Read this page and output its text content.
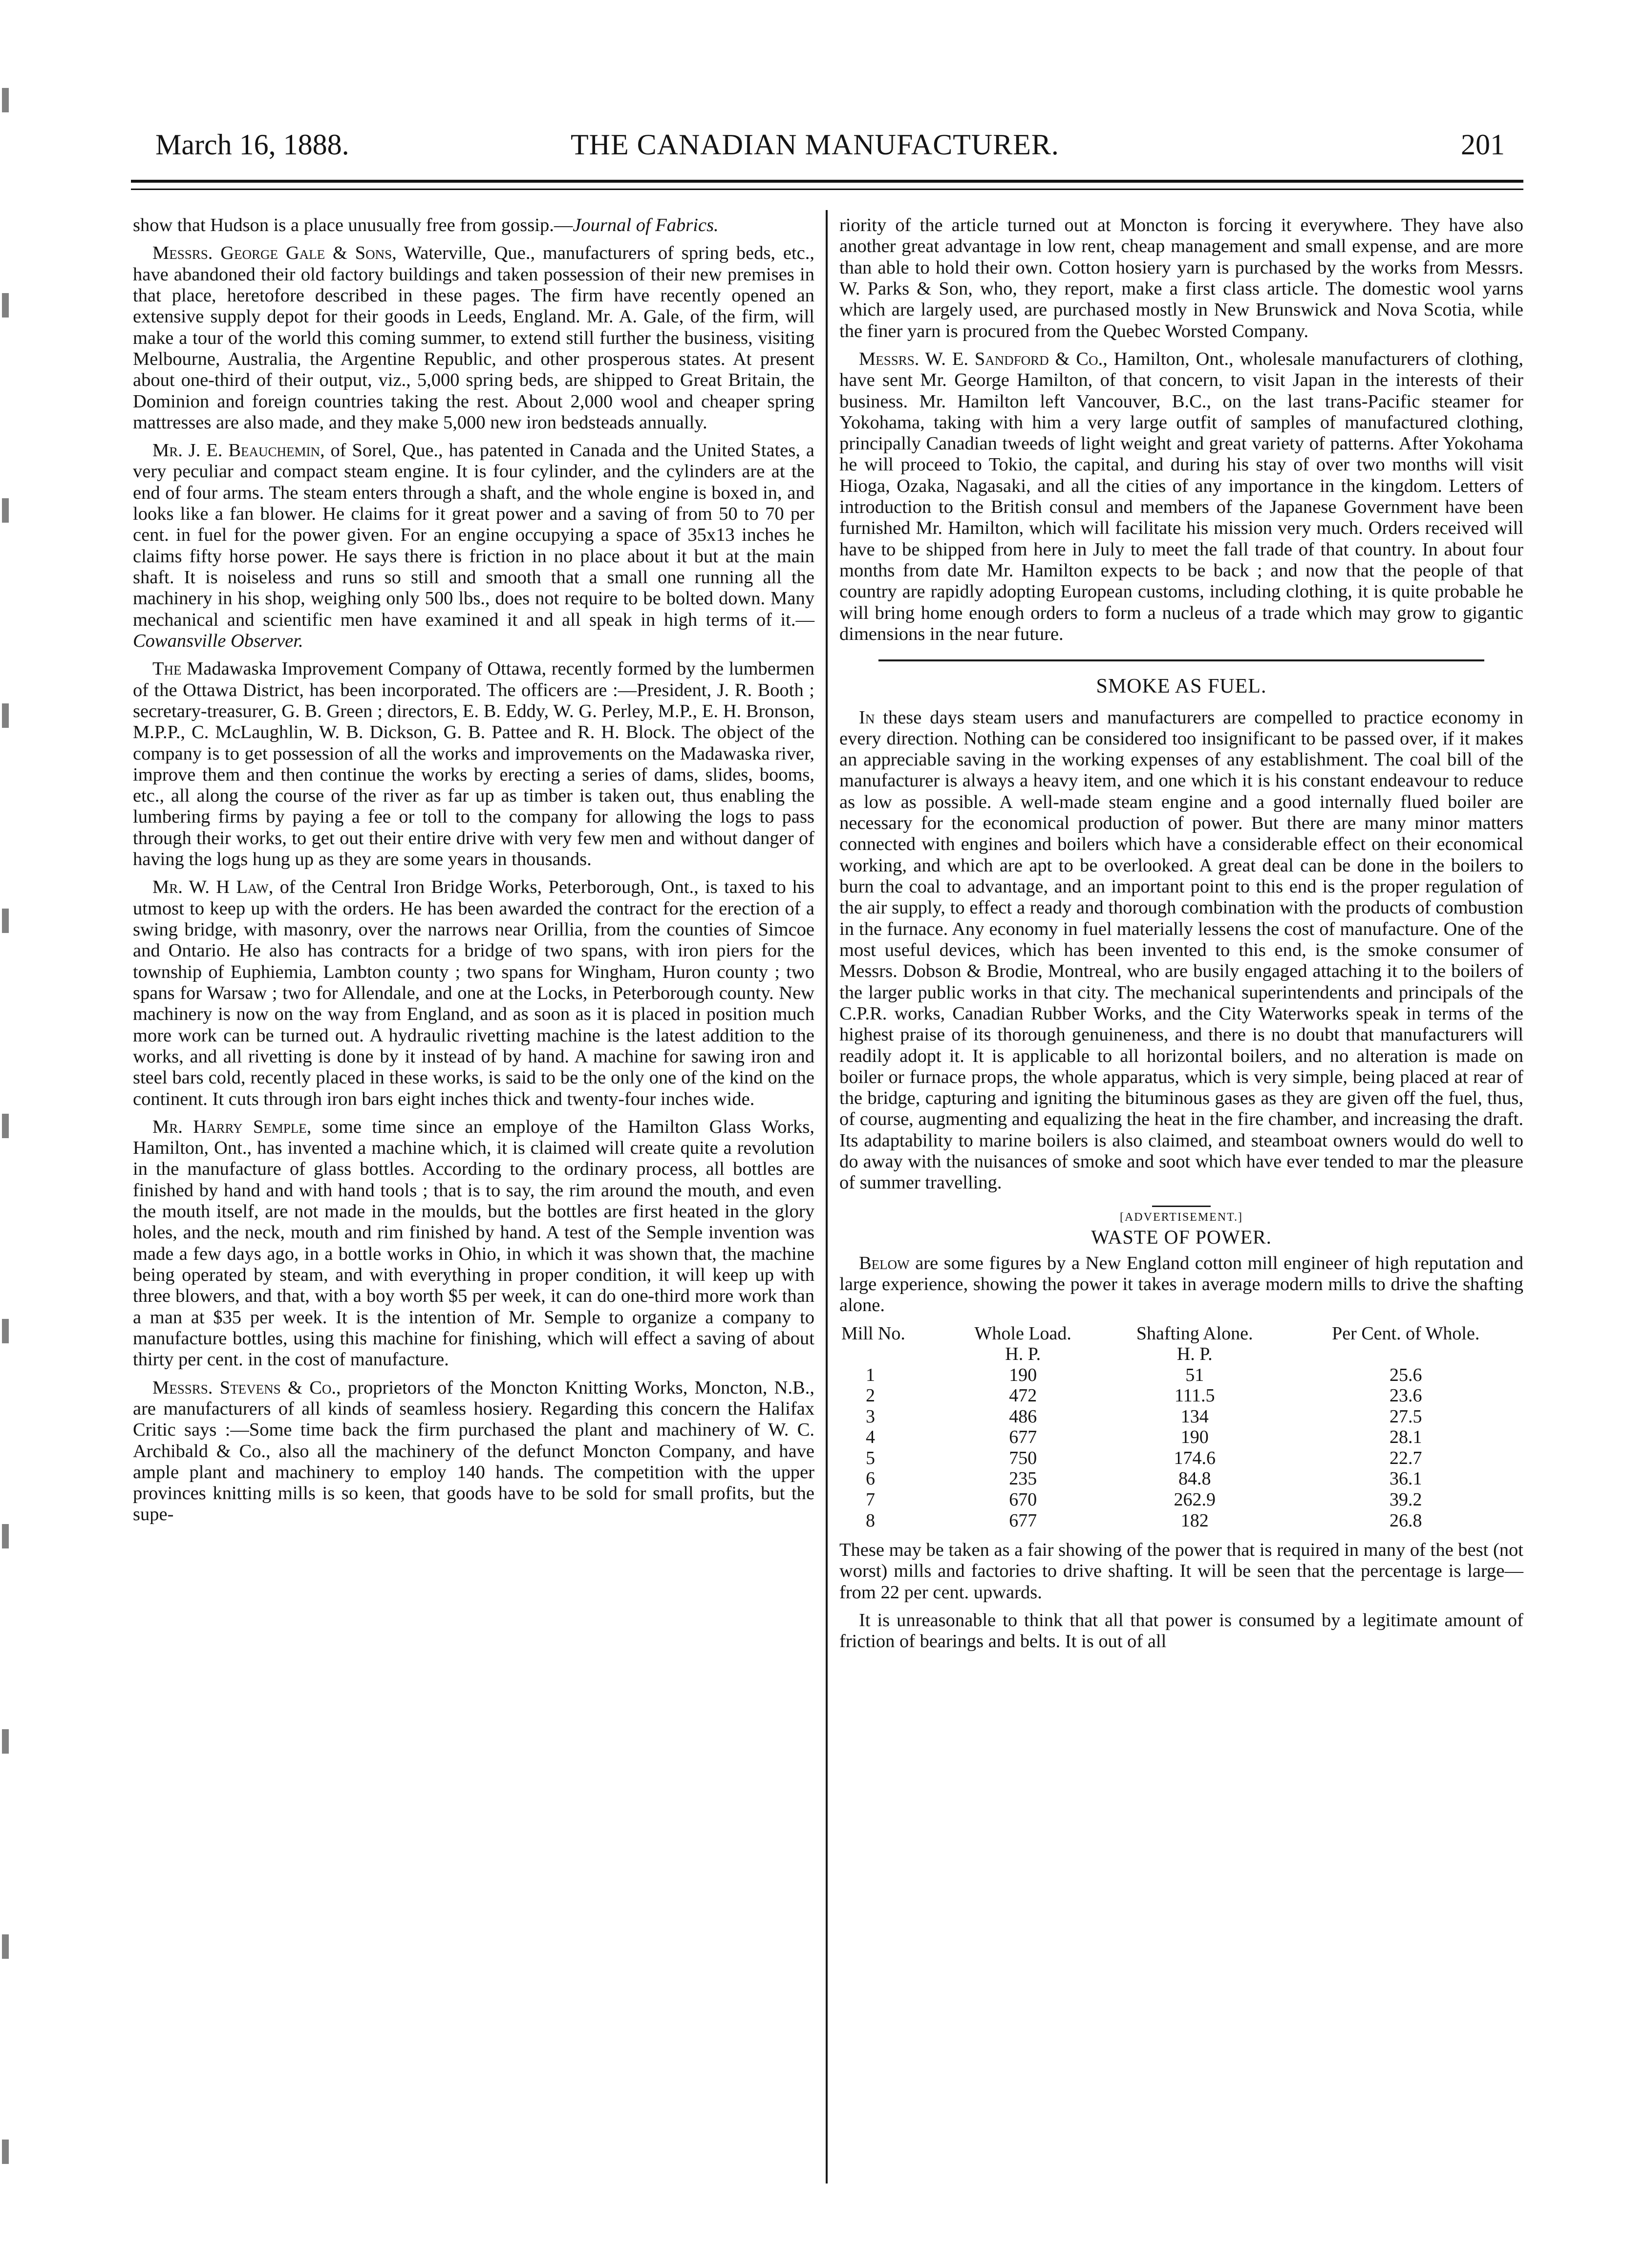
March 16, 1888.	THE CANADIAN MANUFACTURER.	201

show that Hudson is a place unusually free from gossip.—Journal of Fabrics.

Messrs. George Gale & Sons, Waterville, Que., manufacturers of spring beds, etc., have abandoned their old factory buildings and taken possession of their new premises in that place, heretofore described in these pages. The firm have recently opened an extensive supply depot for their goods in Leeds, England. Mr. A. Gale, of the firm, will make a tour of the world this coming summer, to extend still further the business, visiting Melbourne, Australia, the Argentine Republic, and other prosperous states. At present about one-third of their output, viz., 5,000 spring beds, are shipped to Great Britain, the Dominion and foreign countries taking the rest. About 2,000 wool and cheaper spring mattresses are also made, and they make 5,000 new iron bedsteads annually.

Mr. J. E. Beauchemin, of Sorel, Que., has patented in Canada and the United States, a very peculiar and compact steam engine. It is four cylinder, and the cylinders are at the end of four arms. The steam enters through a shaft, and the whole engine is boxed in, and looks like a fan blower. He claims for it great power and a saving of from 50 to 70 per cent. in fuel for the power given. For an engine occupying a space of 35x13 inches he claims fifty horse power. He says there is friction in no place about it but at the main shaft. It is noiseless and runs so still and smooth that a small one running all the machinery in his shop, weighing only 500 lbs., does not require to be bolted down. Many mechanical and scientific men have examined it and all speak in high terms of it.—Cowansville Observer.

The Madawaska Improvement Company of Ottawa, recently formed by the lumbermen of the Ottawa District, has been incorporated. The officers are :—President, J. R. Booth ; secretary-treasurer, G. B. Green ; directors, E. B. Eddy, W. G. Perley, M.P., E. H. Bronson, M.P.P., C. McLaughlin, W. B. Dickson, G. B. Pattee and R. H. Block. The object of the company is to get possession of all the works and improvements on the Madawaska river, improve them and then continue the works by erecting a series of dams, slides, booms, etc., all along the course of the river as far up as timber is taken out, thus enabling the lumbering firms by paying a fee or toll to the company for allowing the logs to pass through their works, to get out their entire drive with very few men and without danger of having the logs hung up as they are some years in thousands.

Mr. W. H Law, of the Central Iron Bridge Works, Peterborough, Ont., is taxed to his utmost to keep up with the orders. He has been awarded the contract for the erection of a swing bridge, with masonry, over the narrows near Orillia, from the counties of Simcoe and Ontario. He also has contracts for a bridge of two spans, with iron piers for the township of Euphiemia, Lambton county ; two spans for Wingham, Huron county ; two spans for Warsaw ; two for Allendale, and one at the Locks, in Peterborough county. New machinery is now on the way from England, and as soon as it is placed in position much more work can be turned out. A hydraulic rivetting machine is the latest addition to the works, and all rivetting is done by it instead of by hand. A machine for sawing iron and steel bars cold, recently placed in these works, is said to be the only one of the kind on the continent. It cuts through iron bars eight inches thick and twenty-four inches wide.

Mr. Harry Semple, some time since an employe of the Hamilton Glass Works, Hamilton, Ont., has invented a machine which, it is claimed will create quite a revolution in the manufacture of glass bottles. According to the ordinary process, all bottles are finished by hand and with hand tools ; that is to say, the rim around the mouth, and even the mouth itself, are not made in the moulds, but the bottles are first heated in the glory holes, and the neck, mouth and rim finished by hand. A test of the Semple invention was made a few days ago, in a bottle works in Ohio, in which it was shown that, the machine being operated by steam, and with everything in proper condition, it will keep up with three blowers, and that, with a boy worth $5 per week, it can do one-third more work than a man at $35 per week. It is the intention of Mr. Semple to organize a company to manufacture bottles, using this machine for finishing, which will effect a saving of about thirty per cent. in the cost of manufacture.

Messrs. Stevens & Co., proprietors of the Moncton Knitting Works, Moncton, N.B., are manufacturers of all kinds of seamless hosiery. Regarding this concern the Halifax Critic says :—Some time back the firm purchased the plant and machinery of W. C. Archibald & Co., also all the machinery of the defunct Moncton Company, and have ample plant and machinery to employ 140 hands. The competition with the upper provinces knitting mills is so keen, that goods have to be sold for small profits, but the supe-

riority of the article turned out at Moncton is forcing it everywhere. They have also another great advantage in low rent, cheap management and small expense, and are more than able to hold their own. Cotton hosiery yarn is purchased by the works from Messrs. W. Parks & Son, who, they report, make a first class article. The domestic wool yarns which are largely used, are purchased mostly in New Brunswick and Nova Scotia, while the finer yarn is procured from the Quebec Worsted Company.

Messrs. W. E. Sandford & Co., Hamilton, Ont., wholesale manufacturers of clothing, have sent Mr. George Hamilton, of that concern, to visit Japan in the interests of their business. Mr. Hamilton left Vancouver, B.C., on the last trans-Pacific steamer for Yokohama, taking with him a very large outfit of samples of manufactured clothing, principally Canadian tweeds of light weight and great variety of patterns. After Yokohama he will proceed to Tokio, the capital, and during his stay of over two months will visit Hioga, Ozaka, Nagasaki, and all the cities of any importance in the kingdom. Letters of introduction to the British consul and members of the Japanese Government have been furnished Mr. Hamilton, which will facilitate his mission very much. Orders received will have to be shipped from here in July to meet the fall trade of that country. In about four months from date Mr. Hamilton expects to be back ; and now that the people of that country are rapidly adopting European customs, including clothing, it is quite probable he will bring home enough orders to form a nucleus of a trade which may grow to gigantic dimensions in the near future.

SMOKE AS FUEL.

In these days steam users and manufacturers are compelled to practice economy in every direction. Nothing can be considered too insignificant to be passed over, if it makes an appreciable saving in the working expenses of any establishment. The coal bill of the manufacturer is always a heavy item, and one which it is his constant endeavour to reduce as low as possible. A well-made steam engine and a good internally flued boiler are necessary for the economical production of power. But there are many minor matters connected with engines and boilers which have a considerable effect on their economical working, and which are apt to be overlooked. A great deal can be done in the boilers to burn the coal to advantage, and an important point to this end is the proper regulation of the air supply, to effect a ready and thorough combination with the products of combustion in the furnace. Any economy in fuel materially lessens the cost of manufacture. One of the most useful devices, which has been invented to this end, is the smoke consumer of Messrs. Dobson & Brodie, Montreal, who are busily engaged attaching it to the boilers of the larger public works in that city. The mechanical superintendents and principals of the C.P.R. works, Canadian Rubber Works, and the City Waterworks speak in terms of the highest praise of its thorough genuineness, and there is no doubt that manufacturers will readily adopt it. It is applicable to all horizontal boilers, and no alteration is made on boiler or furnace props, the whole apparatus, which is very simple, being placed at rear of the bridge, capturing and igniting the bituminous gases as they are given off the fuel, thus, of course, augmenting and equalizing the heat in the fire chamber, and increasing the draft. Its adaptability to marine boilers is also claimed, and steamboat owners would do well to do away with the nuisances of smoke and soot which have ever tended to mar the pleasure of summer travelling.

[ADVERTISEMENT.]
WASTE OF POWER.

Below are some figures by a New England cotton mill engineer of high reputation and large experience, showing the power it takes in average modern mills to drive the shafting alone.

Mill No.	Whole Load.	Shafting Alone.	Per Cent. of Whole.
	H. P.	H. P.	
1	190	51	25.6
2	472	111.5	23.6
3	486	134	27.5
4	677	190	28.1
5	750	174.6	22.7
6	235	84.8	36.1
7	670	262.9	39.2
8	677	182	26.8

These may be taken as a fair showing of the power that is required in many of the best (not worst) mills and factories to drive shafting. It will be seen that the percentage is large—from 22 per cent. upwards.

It is unreasonable to think that all that power is consumed by a legitimate amount of friction of bearings and belts. It is out of all
